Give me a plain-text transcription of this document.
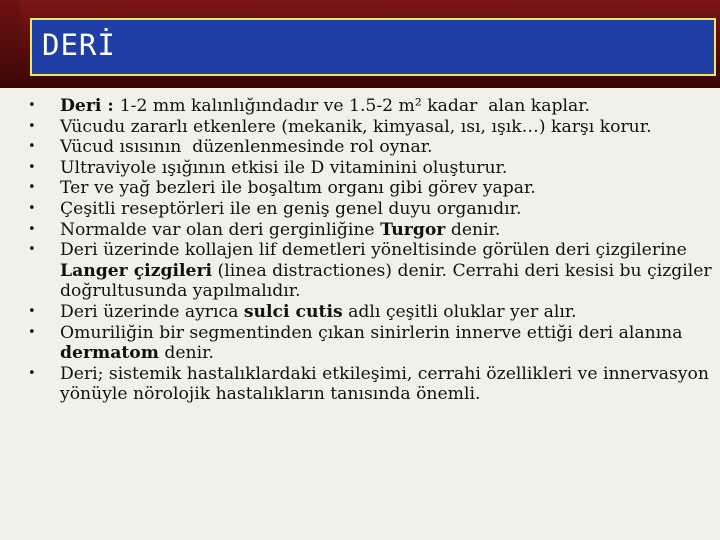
DERİ
• Deri : 1-2 mm kalınlığındadır ve 1.5-2 m² kadar  alan kaplar.
• Vücudu zararlı etkenlere (mekanik, kimyasal, ısı, ışık…) karşı korur.
• Vücud ısısının  düzenlenmesinde rol oynar.
• Ultraviyole ışığının etkisi ile D vitaminini oluşturur.
• Ter ve yağ bezleri ile boşaltım organı gibi görev yapar.
• Çeşitli reseptörleri ile en geniş genel duyu organıdır.
• Normalde var olan deri gerginliğine Turgor denir.
• Deri üzerinde kollajen lif demetleri yöneltisinde görülen deri çizgilerine Langer çizgileri (linea distractiones) denir. Cerrahi deri kesisi bu çizgiler doğrultusunda yapılmalıdır.
• Deri üzerinde ayrıca sulci cutis adlı çeşitli oluklar yer alır.
• Omuriliğin bir segmentinden çıkan sinirlerin innerve ettiği deri alanına dermatom denir.
• Deri; sistemik hastalıklardaki etkileşimi, cerrahi özellikleri ve innervasyon yönüyle nörolojik hastalıkların tanısında önemli.
